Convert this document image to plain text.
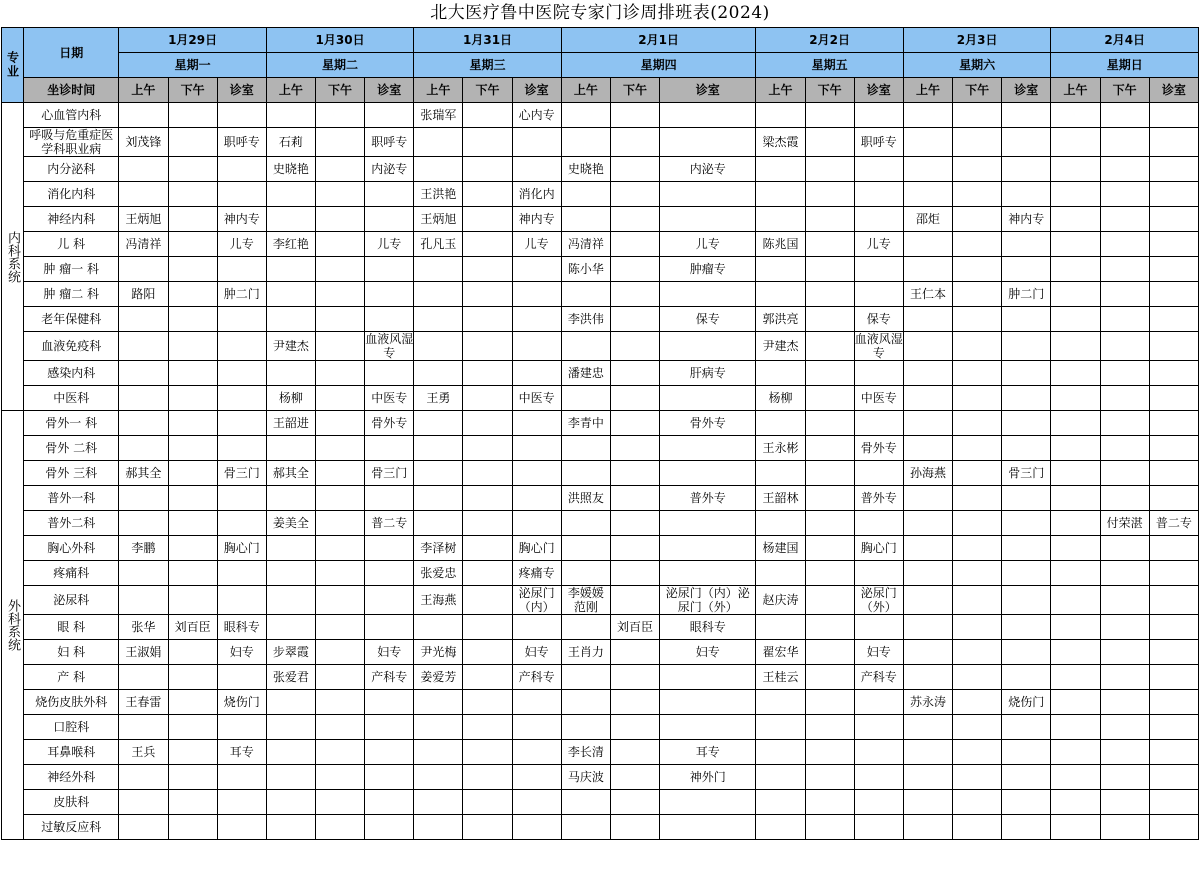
北大医疗鲁中医院专家门诊周排班表(2024)
专业	日期	1月29日			1月30日			1月31日			2月1日			2月2日			2月3日			2月4日		
		星期一			星期二			星期三			星期四			星期五			星期六			星期日		
	坐诊时间	上午	下午	诊室	上午	下午	诊室	上午	下午	诊室	上午	下午	诊室	上午	下午	诊室	上午	下午	诊室	上午	下午	诊室
内科系统	心血管内科							张瑞军		心内专												
	呼吸与危重症医学科职业病	刘茂锋		职呼专	石莉		职呼专							梁杰霞		职呼专						
	内分泌科				史晓艳		内泌专				史晓艳		内泌专									
	消化内科							王洪艳		消化内												
	神经内科	王炳旭		神内专				王炳旭		神内专							邵炬		神内专			
	儿 科	冯清祥		儿专	李红艳		儿专	孔凡玉		儿专	冯清祥		儿专	陈兆国		儿专						
	肿 瘤一 科										陈小华		肿瘤专									
	肿 瘤二 科	路阳		肿二门													王仁本		肿二门			
	老年保健科										李洪伟		保专	郭洪亮		保专						
	血液免疫科				尹建杰		血液风湿专							尹建杰		血液风湿专						
	感染内科										潘建忠		肝病专									
	中医科				杨柳		中医专	王勇		中医专				杨柳		中医专						
外科系统	骨外一 科				王韶进		骨外专				李青中		骨外专									
	骨外 二科													王永彬		骨外专						
	骨外 三科	郝其全		骨三门	郝其全		骨三门										孙海燕		骨三门			
	普外一科										洪照友		普外专	王韶林		普外专						
	普外二科				姜美全		普二专														付荣湛	普二专
	胸心外科	李鹏		胸心门				李泽树		胸心门				杨建国		胸心门						
	疼痛科							张爱忠		疼痛专												
	泌尿科							王海燕		泌尿门（内）	李媛媛 范刚		泌尿门（内）泌尿门（外）	赵庆涛		泌尿门（外）						
	眼 科	张华	刘百臣	眼科专								刘百臣	眼科专									
	妇 科	王淑娟		妇专	步翠霞		妇专	尹光梅		妇专	王肖力		妇专	翟宏华		妇专						
	产 科				张爱君		产科专	姜爱芳		产科专				王桂云		产科专						
	烧伤皮肤外科	王春雷		烧伤门													苏永涛		烧伤门			
	口腔科																					
	耳鼻喉科	王兵		耳专							李长清		耳专									
	神经外科										马庆波		神外门									
	皮肤科																					
	过敏反应科																					
